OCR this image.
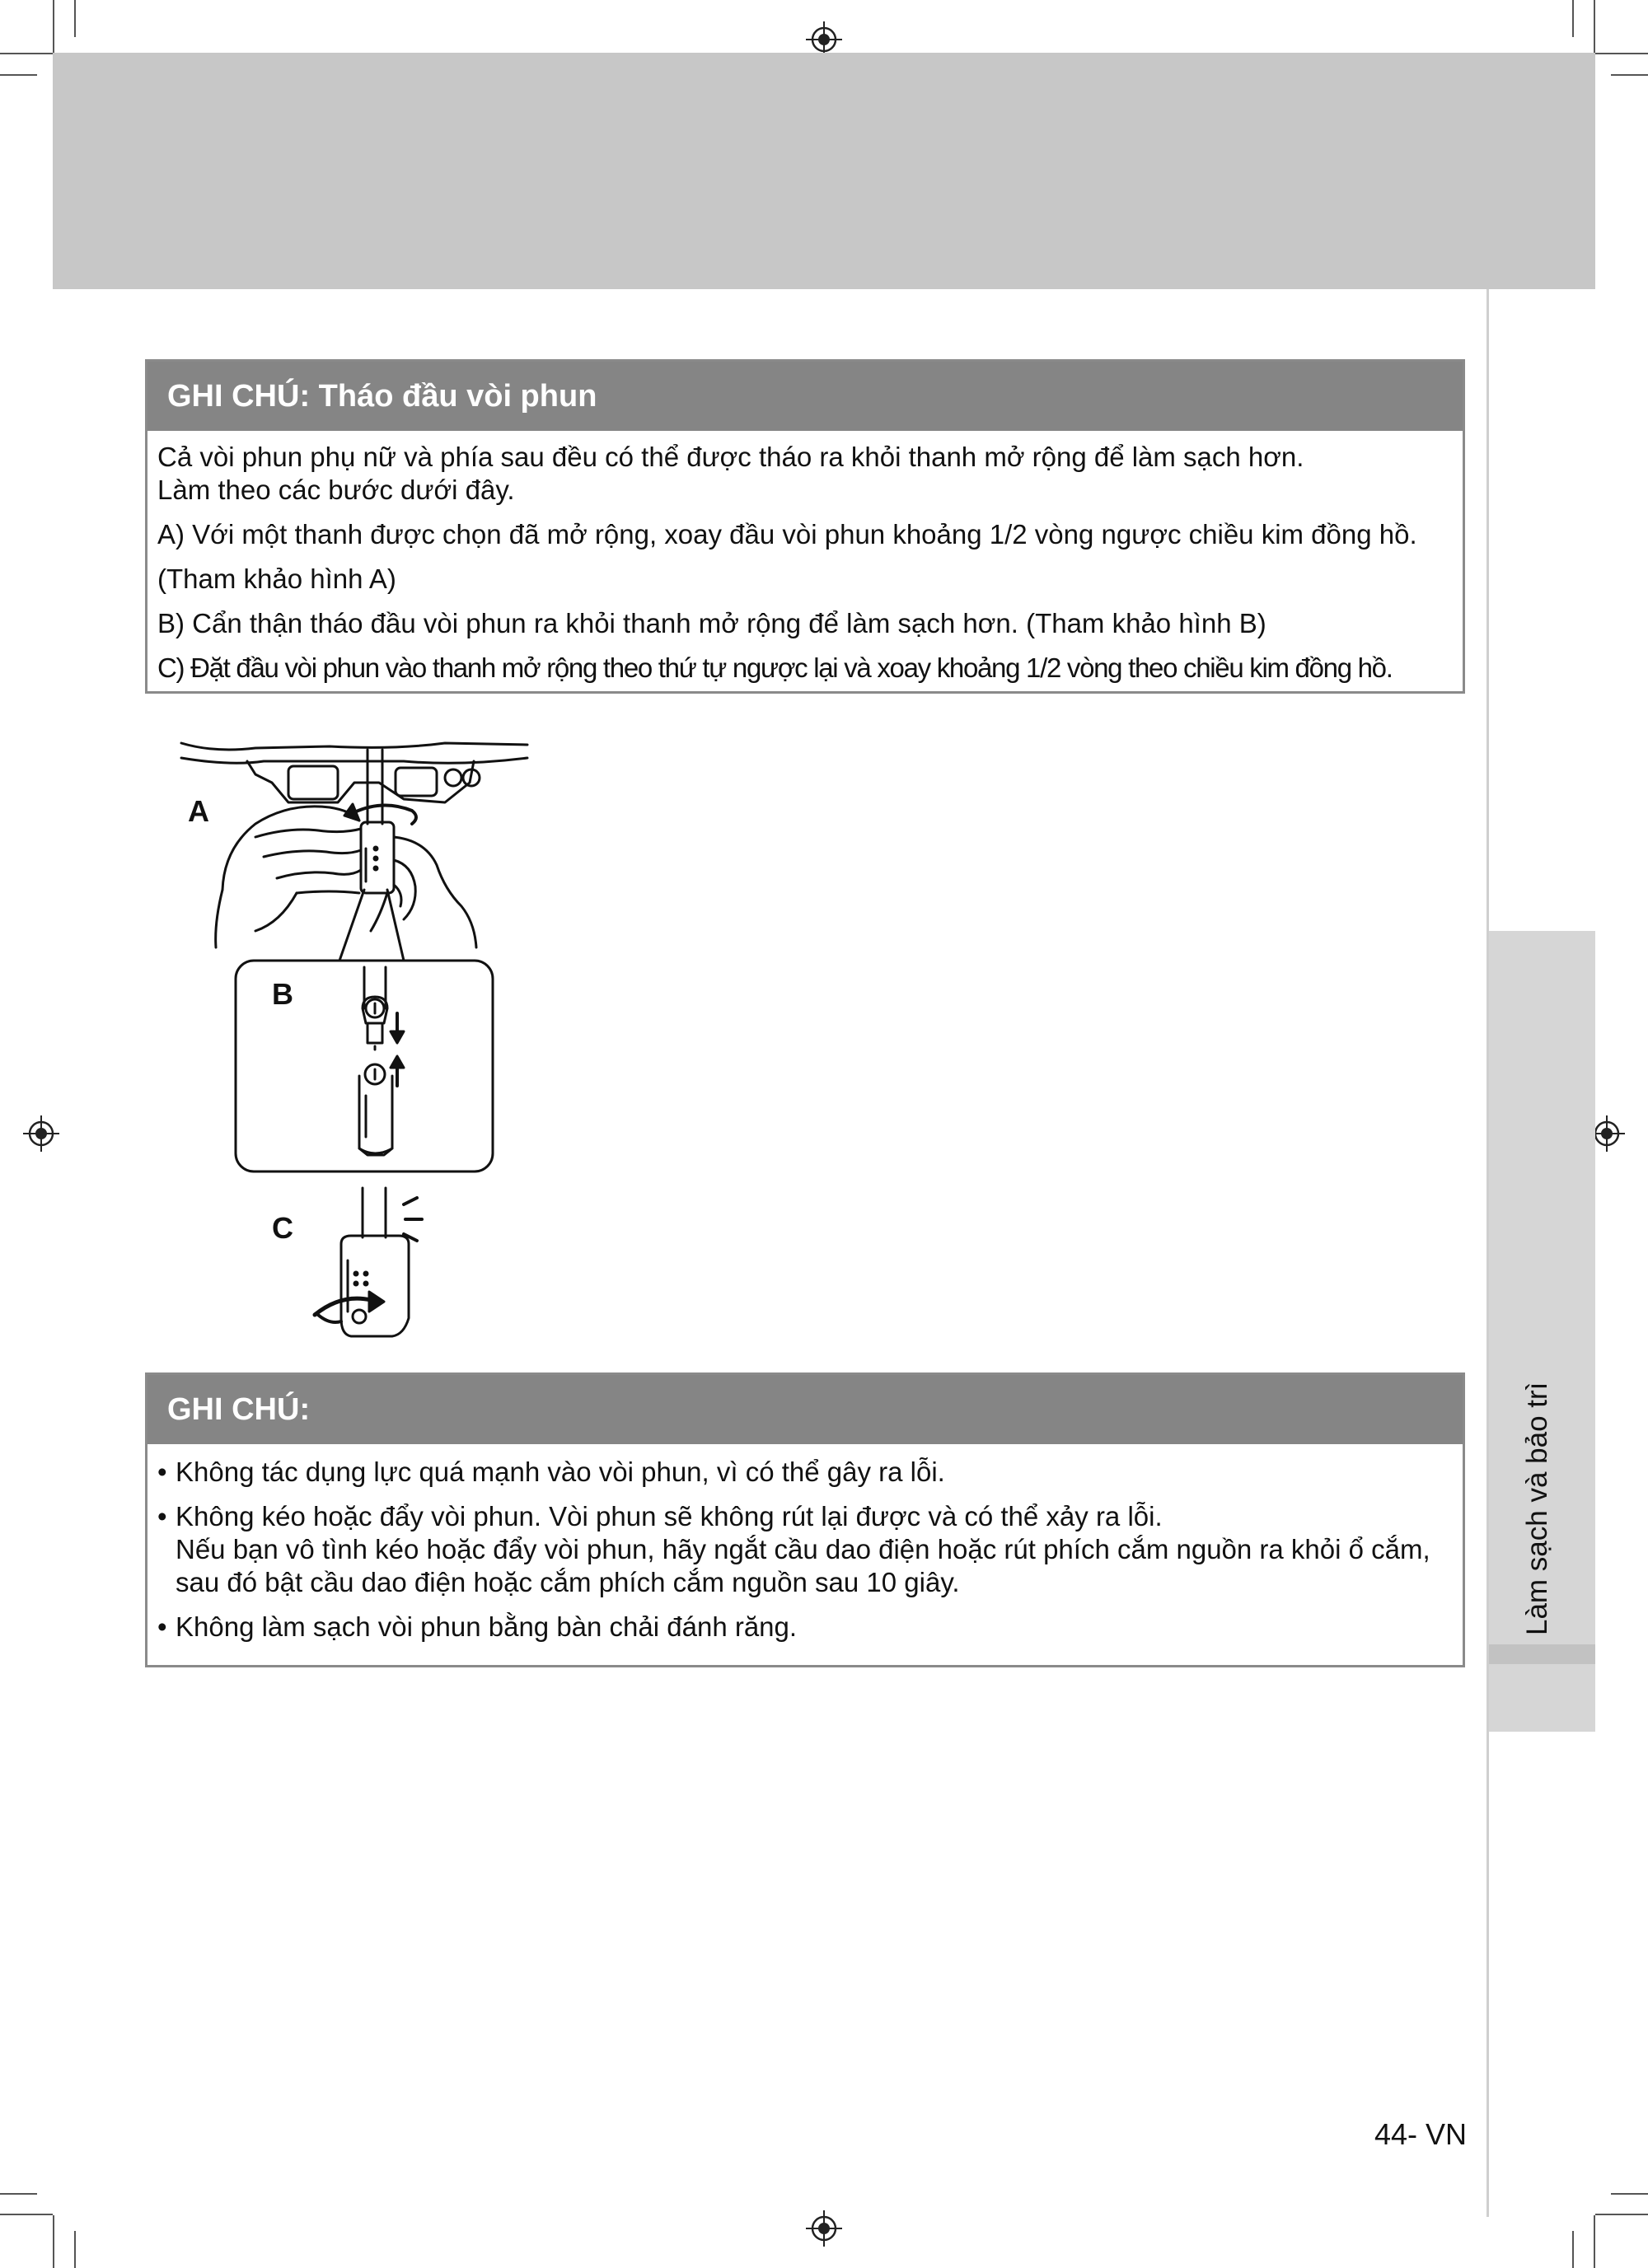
Làm sạch và bảo trì
GHI CHÚ: Tháo đầu vòi phun

Cả vòi phun phụ nữ và phía sau đều có thể được tháo ra khỏi thanh mở rộng để làm sạch hơn.
Làm theo các bước dưới đây.

A) Với một thanh được chọn đã mở rộng, xoay đầu vòi phun khoảng 1/2 vòng ngược chiều kim đồng hồ.

(Tham khảo hình A)

B) Cẩn thận tháo đầu vòi phun ra khỏi thanh mở rộng để làm sạch hơn. (Tham khảo hình B)

C) Đặt đầu vòi phun vào thanh mở rộng theo thứ tự ngược lại và xoay khoảng 1/2 vòng theo chiều kim đồng hồ.

A
B
C
GHI CHÚ:
• Không tác dụng lực quá mạnh vào vòi phun, vì có thể gây ra lỗi.
• Không kéo hoặc đẩy vòi phun. Vòi phun sẽ không rút lại được và có thể xảy ra lỗi.
Nếu bạn vô tình kéo hoặc đẩy vòi phun, hãy ngắt cầu dao điện hoặc rút phích cắm nguồn ra khỏi ổ cắm,
sau đó bật cầu dao điện hoặc cắm phích cắm nguồn sau 10 giây.
• Không làm sạch vòi phun bằng bàn chải đánh răng.
44- VN
